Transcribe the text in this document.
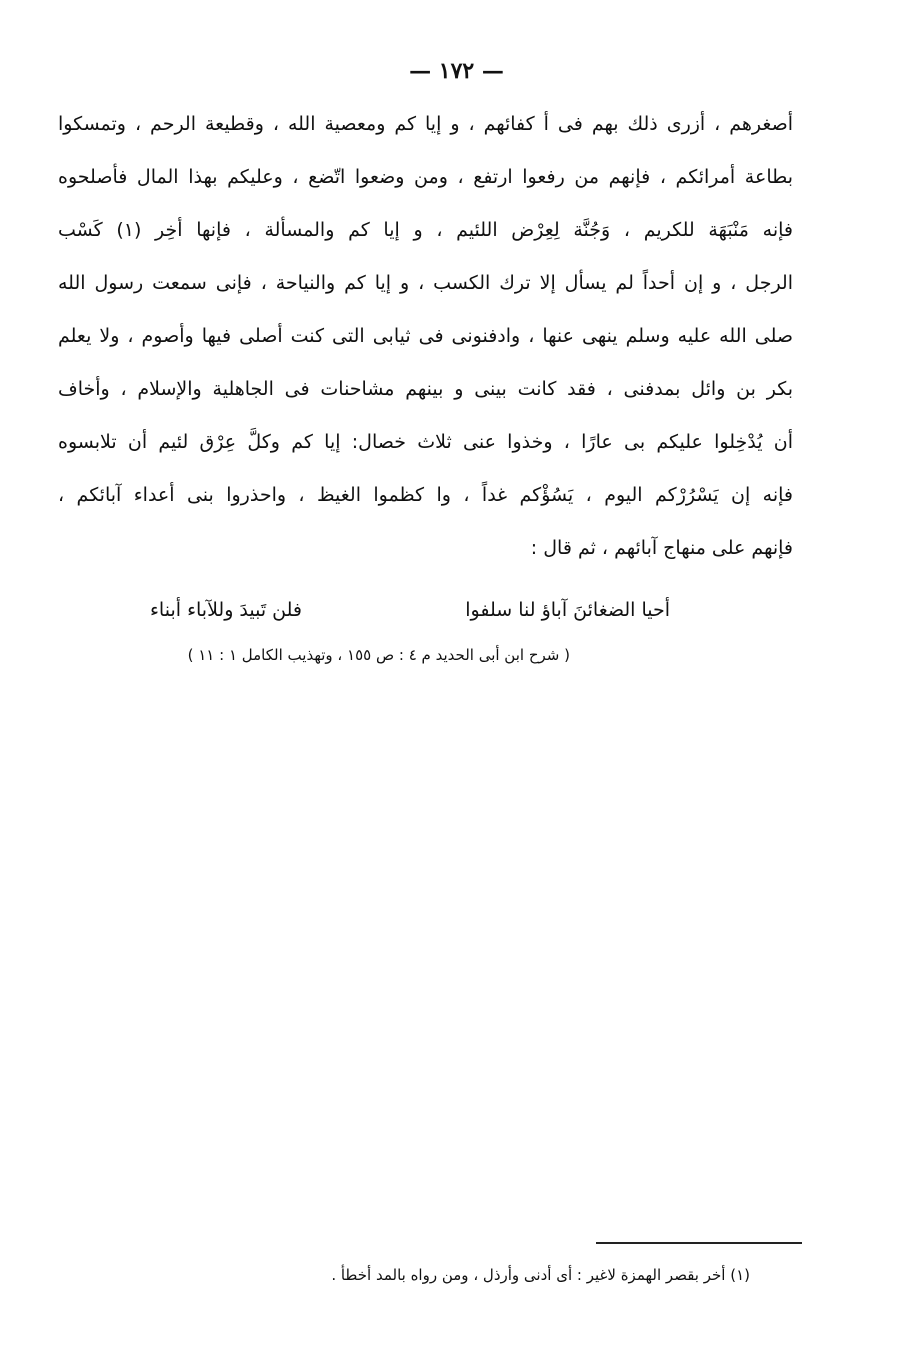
— ١٧٢ —
أصغرهم ، أزرى ذلك بهم فى أ كفائهم ، و إيا كم ومعصية الله ، وقطيعة الرحم ، وتمسكوا
بطاعة أمرائكم ، فإنهم من رفعوا ارتفع ، ومن وضعوا اتّضع ، وعليكم بهذا المال فأصلحوه
فإنه مَنْبَهَة للكريم ، وَجُنَّة لِعِرْض اللئيم ، و إيا كم والمسألة ، فإنها أخِر (١) كَسْب
الرجل ، و إن أحداً لم يسأل إلا ترك الكسب ، و إيا كم والنياحة ، فإنى سمعت رسول الله
صلى الله عليه وسلم ينهى عنها ، وادفنونى فى ثيابى التى كنت أصلى فيها وأصوم ، ولا يعلم
بكر بن وائل بمدفنى ، فقد كانت بينى و بينهم مشاحنات فى الجاهلية والإسلام ، وأخاف
أن يُدْخِلوا عليكم بى عارًا ، وخذوا عنى ثلاث خصال: إيا كم وكلَّ عِرْق لئيم أن تلابسوه
فإنه إن يَسْرُرْكم اليوم ، يَسُؤْكم غداً ، وا كظموا الغيظ ، واحذروا بنى أعداء آبائكم ،
فإنهم على منهاج آبائهم ، ثم قال :
أحيا الضغائنَ آباؤ لنا سلفوا
فلن تَبيدَ وللآباء أبناء
( شرح ابن أبى الحديد م ٤ : ص ١٥٥ ، وتهذيب الكامل ١ : ١١ )
(١) أخر بقصر الهمزة لاغير : أى أدنى وأرذل ، ومن رواه بالمد أخطأ .
